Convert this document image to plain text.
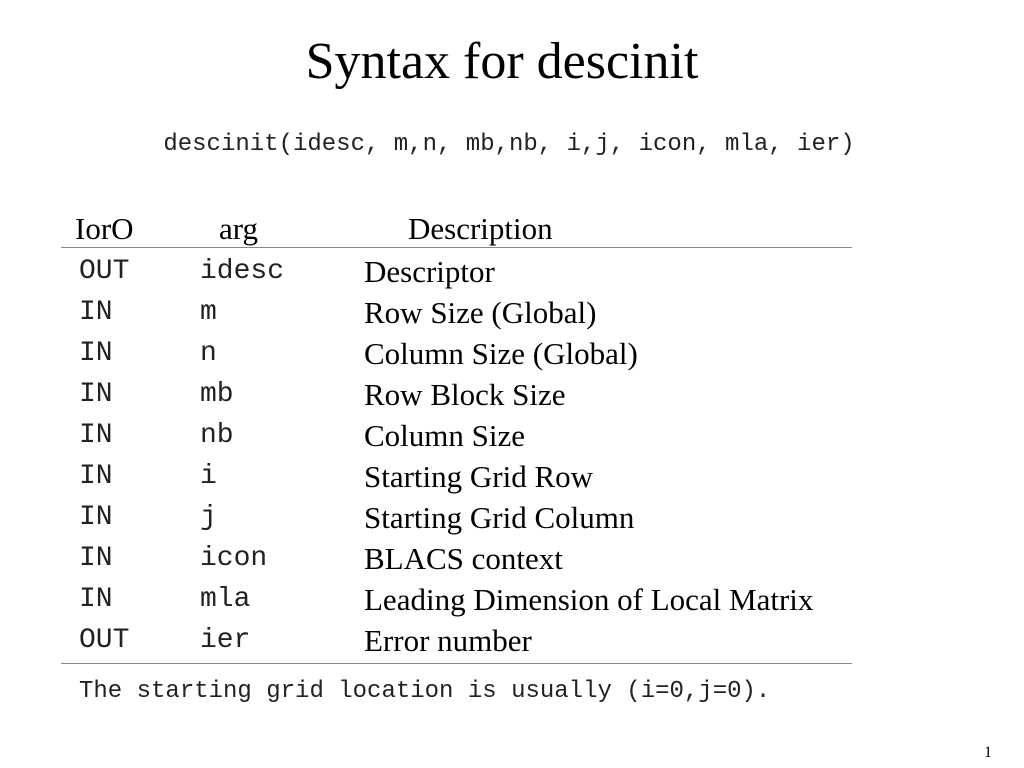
Syntax for descinit
descinit(idesc, m,n, mb,nb, i,j, icon, mla, ier)
IorO	arg	Description
OUT	idesc	Descriptor
IN	m	Row Size (Global)
IN	n	Column Size (Global)
IN	mb	Row Block Size
IN	nb	Column Size
IN	i	Starting Grid Row
IN	j	Starting Grid Column
IN	icon	BLACS context
IN	mla	Leading Dimension of Local Matrix
OUT	ier	Error number
The starting grid location is usually (i=0,j=0).
1
